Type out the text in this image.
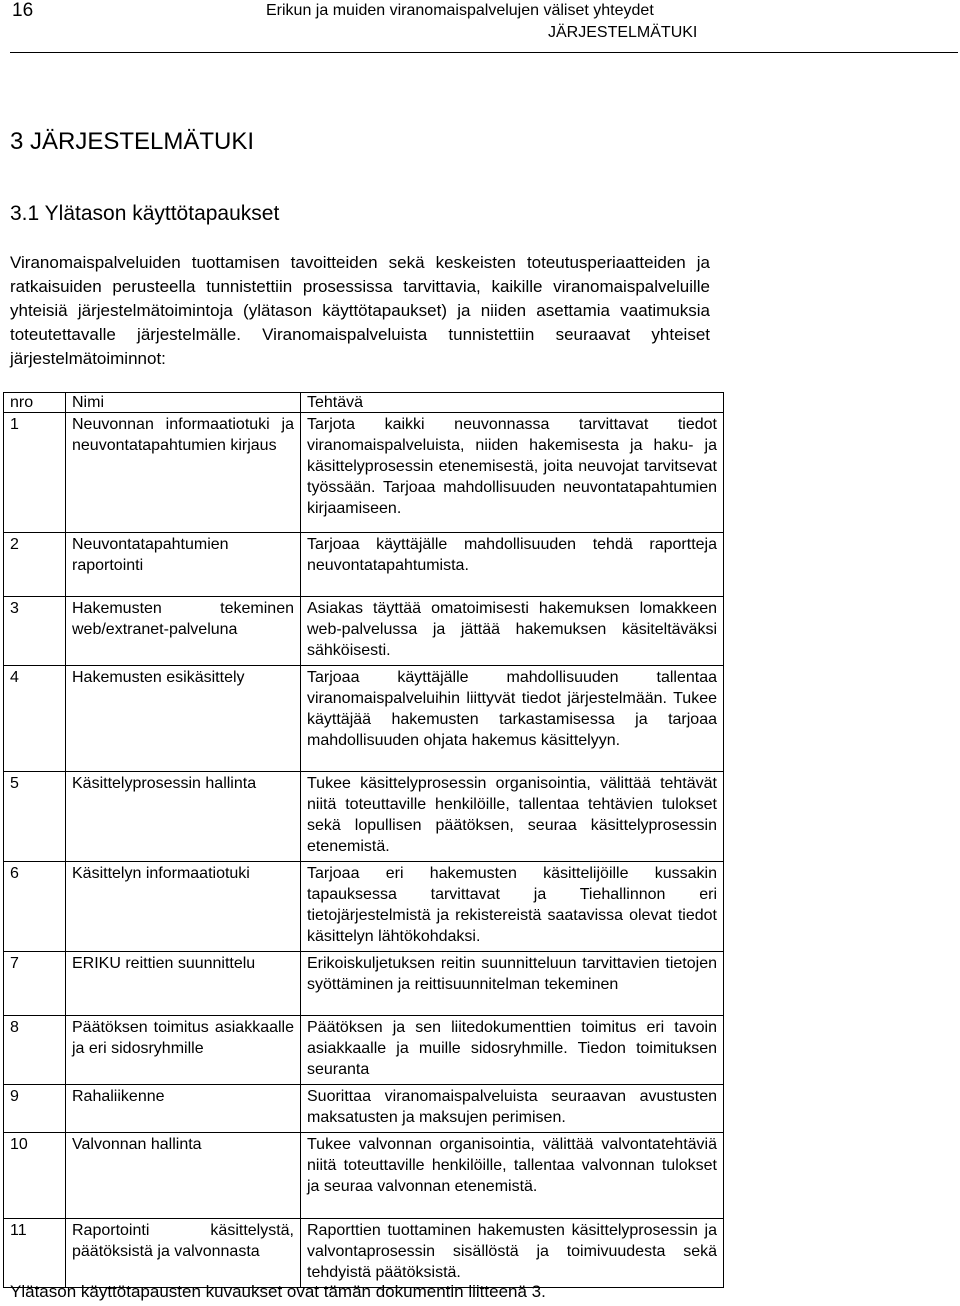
16	Erikun ja muiden viranomaispalvelujen väliset yhteydet
JÄRJESTELMÄTUKI
3 JÄRJESTELMÄTUKI
3.1 Ylätason käyttötapaukset

Viranomaispalveluiden tuottamisen tavoitteiden sekä keskeisten toteutusperiaatteiden ja ratkaisuiden perusteella tunnistettiin prosessissa tarvittavia, kaikille viranomaispalveluille yhteisiä järjestelmätoimintoja (ylätason käyttötapaukset) ja niiden asettamia vaatimuksia toteutettavalle järjestelmälle. Viranomaispalveluista tunnistettiin seuraavat yhteiset järjestelmätoiminnot:

nro	Nimi	Tehtävä
1	Neuvonnan informaatiotuki ja neuvontatapahtumien kirjaus	Tarjota kaikki neuvonnassa tarvittavat tiedot viranomaispalveluista, niiden hakemisesta ja haku- ja käsittelyprosessin etenemisestä, joita neuvojat tarvitsevat työssään. Tarjoaa mahdollisuuden neuvontatapahtumien kirjaamiseen.
2	Neuvontatapahtumien raportointi	Tarjoaa käyttäjälle mahdollisuuden tehdä raportteja neuvontatapahtumista.
3	Hakemusten tekeminen web/extranet-palveluna	Asiakas täyttää omatoimisesti hakemuksen lomakkeen web-palvelussa ja jättää hakemuksen käsiteltäväksi sähköisesti.
4	Hakemusten esikäsittely	Tarjoaa käyttäjälle mahdollisuuden tallentaa viranomaispalveluihin liittyvät tiedot järjestelmään. Tukee käyttäjää hakemusten tarkastamisessa ja tarjoaa mahdollisuuden ohjata hakemus käsittelyyn.
5	Käsittelyprosessin hallinta	Tukee käsittelyprosessin organisointia, välittää tehtävät niitä toteuttaville henkilöille, tallentaa tehtävien tulokset sekä lopullisen päätöksen, seuraa käsittelyprosessin etenemistä.
6	Käsittelyn informaatiotuki	Tarjoaa eri hakemusten käsittelijöille kussakin tapauksessa tarvittavat ja Tiehallinnon eri tietojärjestelmistä ja rekistereistä saatavissa olevat tiedot käsittelyn lähtökohdaksi.
7	ERIKU reittien suunnittelu	Erikoiskuljetuksen reitin suunnitteluun tarvittavien tietojen syöttäminen ja reittisuunnitelman tekeminen
8	Päätöksen toimitus asiakkaalle ja eri sidosryhmille	Päätöksen ja sen liitedokumenttien toimitus eri tavoin asiakkaalle ja muille sidosryhmille. Tiedon toimituksen seuranta
9	Rahaliikenne	Suorittaa viranomaispalveluista seuraavan avustusten maksatusten ja maksujen perimisen.
10	Valvonnan hallinta	Tukee valvonnan organisointia, välittää valvontatehtäviä niitä toteuttaville henkilöille, tallentaa valvonnan tulokset ja seuraa valvonnan etenemistä.
11	Raportointi käsittelystä, päätöksistä ja valvonnasta	Raporttien tuottaminen hakemusten käsittelyprosessin ja valvontaprosessin sisällöstä ja toimivuudesta sekä tehdyistä päätöksistä.

Ylätason käyttötapausten kuvaukset ovat tämän dokumentin liitteenä 3.
